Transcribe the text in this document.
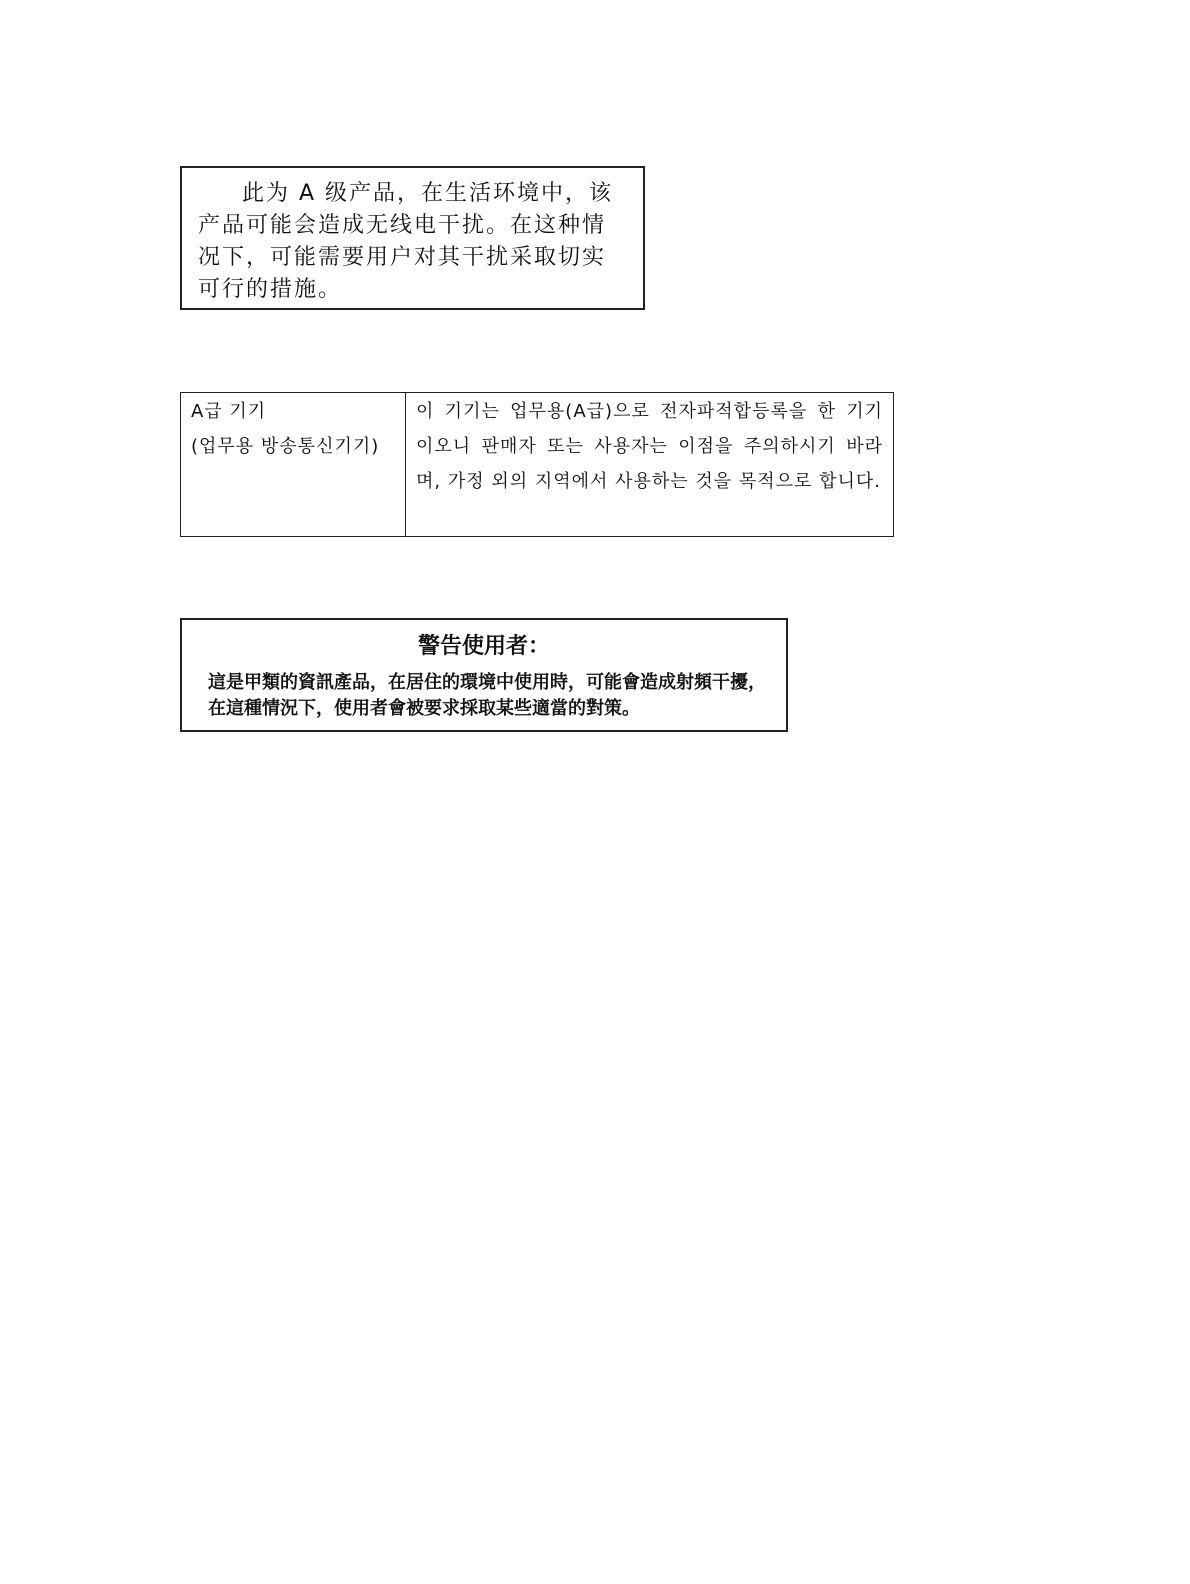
此为 A 级产品，在生活环境中，该产品可能会造成无线电干扰。在这种情况下，可能需要用户对其干扰采取切实可行的措施。

A급 기기
(업무용 방송통신기기)
이 기기는 업무용(A급)으로 전자파적합등록을 한 기기이오니 판매자 또는 사용자는 이점을 주의하시기 바라며, 가정 외의 지역에서 사용하는 것을 목적으로 합니다.
警告使用者：
這是甲類的資訊產品，在居住的環境中使用時，可能會造成射頻干擾，在這種情況下，使用者會被要求採取某些適當的對策。
